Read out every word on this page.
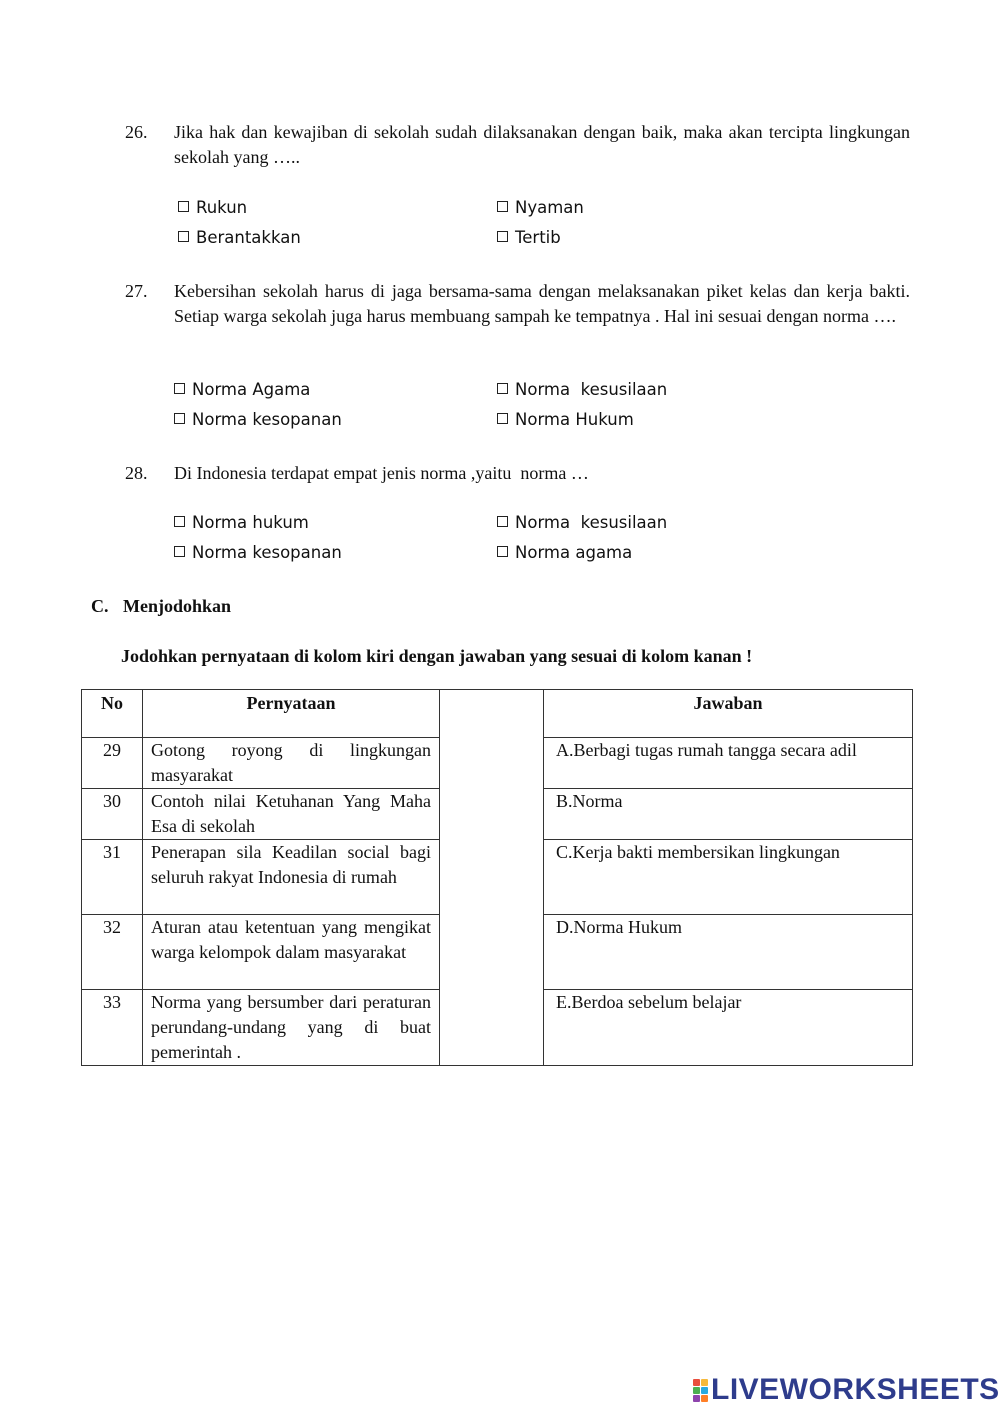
26. Jika hak dan kewajiban di sekolah sudah dilaksanakan dengan baik, maka akan tercipta lingkungan sekolah yang …..
Rukun	Nyaman
Berantakkan	Tertib
27. Kebersihan sekolah harus di jaga bersama-sama dengan melaksanakan piket kelas dan kerja bakti. Setiap warga sekolah juga harus membuang sampah ke tempatnya . Hal ini sesuai dengan norma ….
Norma Agama	Norma  kesusilaan
Norma kesopanan	Norma Hukum
28. Di Indonesia terdapat empat jenis norma ,yaitu  norma …
Norma hukum	Norma  kesusilaan
Norma kesopanan	Norma agama
C. Menjodohkan
Jodohkan pernyataan di kolom kiri dengan jawaban yang sesuai di kolom kanan !
No	Pernyataan		Jawaban
29	Gotong royong di lingkungan masyarakat		A.Berbagi tugas rumah tangga secara adil
30	Contoh nilai Ketuhanan Yang Maha Esa di sekolah		B.Norma
31	Penerapan sila Keadilan social bagi seluruh rakyat Indonesia di rumah		C.Kerja bakti membersikan lingkungan
32	Aturan atau ketentuan yang mengikat warga kelompok dalam masyarakat		D.Norma Hukum
33	Norma yang bersumber dari peraturan perundang-undang yang di buat pemerintah .		E.Berdoa sebelum belajar
LIVEWORKSHEETS
